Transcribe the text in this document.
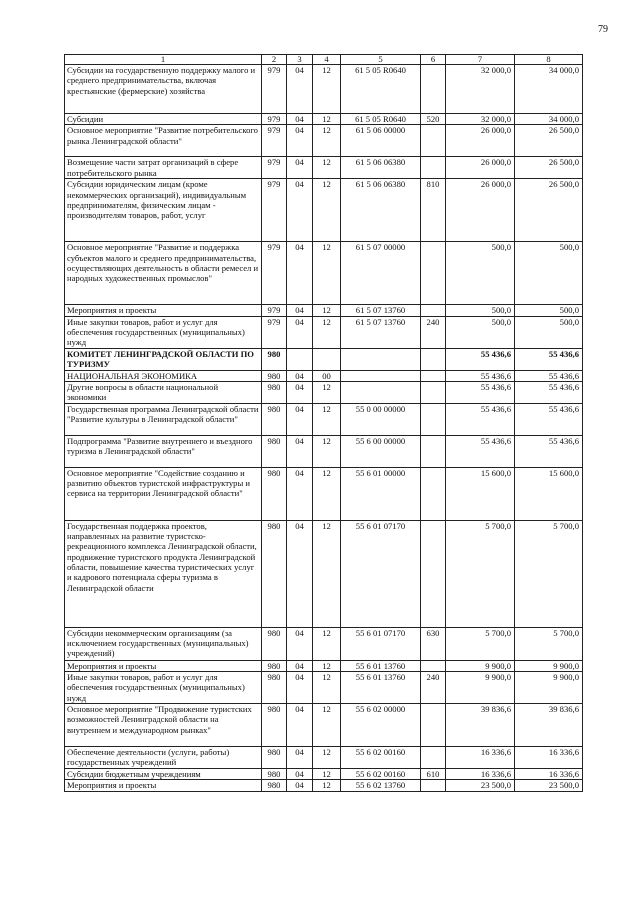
79
1	2	3	4	5	6	7	8
Субсидии на государственную поддержку малого и среднего предпринимательства, включая крестьянские (фермерские) хозяйства	979	04	12	61 5 05 R0640		32 000,0	34 000,0
Субсидии	979	04	12	61 5 05 R0640	520	32 000,0	34 000,0
Основное мероприятие "Развитие потребительского рынка Ленинградской области"	979	04	12	61 5 06 00000		26 000,0	26 500,0
Возмещение части затрат организаций в сфере потребительского рынка	979	04	12	61 5 06 06380		26 000,0	26 500,0
Субсидии юридическим лицам (кроме некоммерческих организаций), индивидуальным предпринимателям, физическим лицам - производителям товаров, работ, услуг	979	04	12	61 5 06 06380	810	26 000,0	26 500,0
Основное мероприятие "Развитие и поддержка субъектов малого и среднего предпринимательства, осуществляющих деятельность в области ремесел и народных художественных промыслов"	979	04	12	61 5 07 00000		500,0	500,0
Мероприятия и проекты	979	04	12	61 5 07 13760		500,0	500,0
Иные закупки товаров, работ и услуг для обеспечения государственных (муниципальных) нужд	979	04	12	61 5 07 13760	240	500,0	500,0
КОМИТЕТ ЛЕНИНГРАДСКОЙ ОБЛАСТИ ПО ТУРИЗМУ	980					55 436,6	55 436,6
НАЦИОНАЛЬНАЯ ЭКОНОМИКА	980	04	00			55 436,6	55 436,6
Другие вопросы в области национальной экономики	980	04	12			55 436,6	55 436,6
Государственная программа Ленинградской области "Развитие культуры в Ленинградской области"	980	04	12	55 0 00 00000		55 436,6	55 436,6
Подпрограмма "Развитие внутреннего и въездного туризма в Ленинградской области"	980	04	12	55 6 00 00000		55 436,6	55 436,6
Основное мероприятие "Содействие созданию и развитию объектов туристской инфраструктуры и сервиса на территории Ленинградской области"	980	04	12	55 6 01 00000		15 600,0	15 600,0
Государственная поддержка проектов, направленных на развитие туристско-рекреационного комплекса Ленинградской области, продвижение туристского продукта Ленинградской области, повышение качества туристических услуг и кадрового потенциала сферы туризма в Ленинградской области	980	04	12	55 6 01 07170		5 700,0	5 700,0
Субсидии некоммерческим организациям (за исключением государственных (муниципальных) учреждений)	980	04	12	55 6 01 07170	630	5 700,0	5 700,0
Мероприятия и проекты	980	04	12	55 6 01 13760		9 900,0	9 900,0
Иные закупки товаров, работ и услуг для обеспечения государственных (муниципальных) нужд	980	04	12	55 6 01 13760	240	9 900,0	9 900,0
Основное мероприятие "Продвижение туристских возможностей Ленинградской области на внутреннем и международном рынках"	980	04	12	55 6 02 00000		39 836,6	39 836,6
Обеспечение деятельности (услуги, работы) государственных учреждений	980	04	12	55 6 02 00160		16 336,6	16 336,6
Субсидии бюджетным учреждениям	980	04	12	55 6 02 00160	610	16 336,6	16 336,6
Мероприятия и проекты	980	04	12	55 6 02 13760		23 500,0	23 500,0
